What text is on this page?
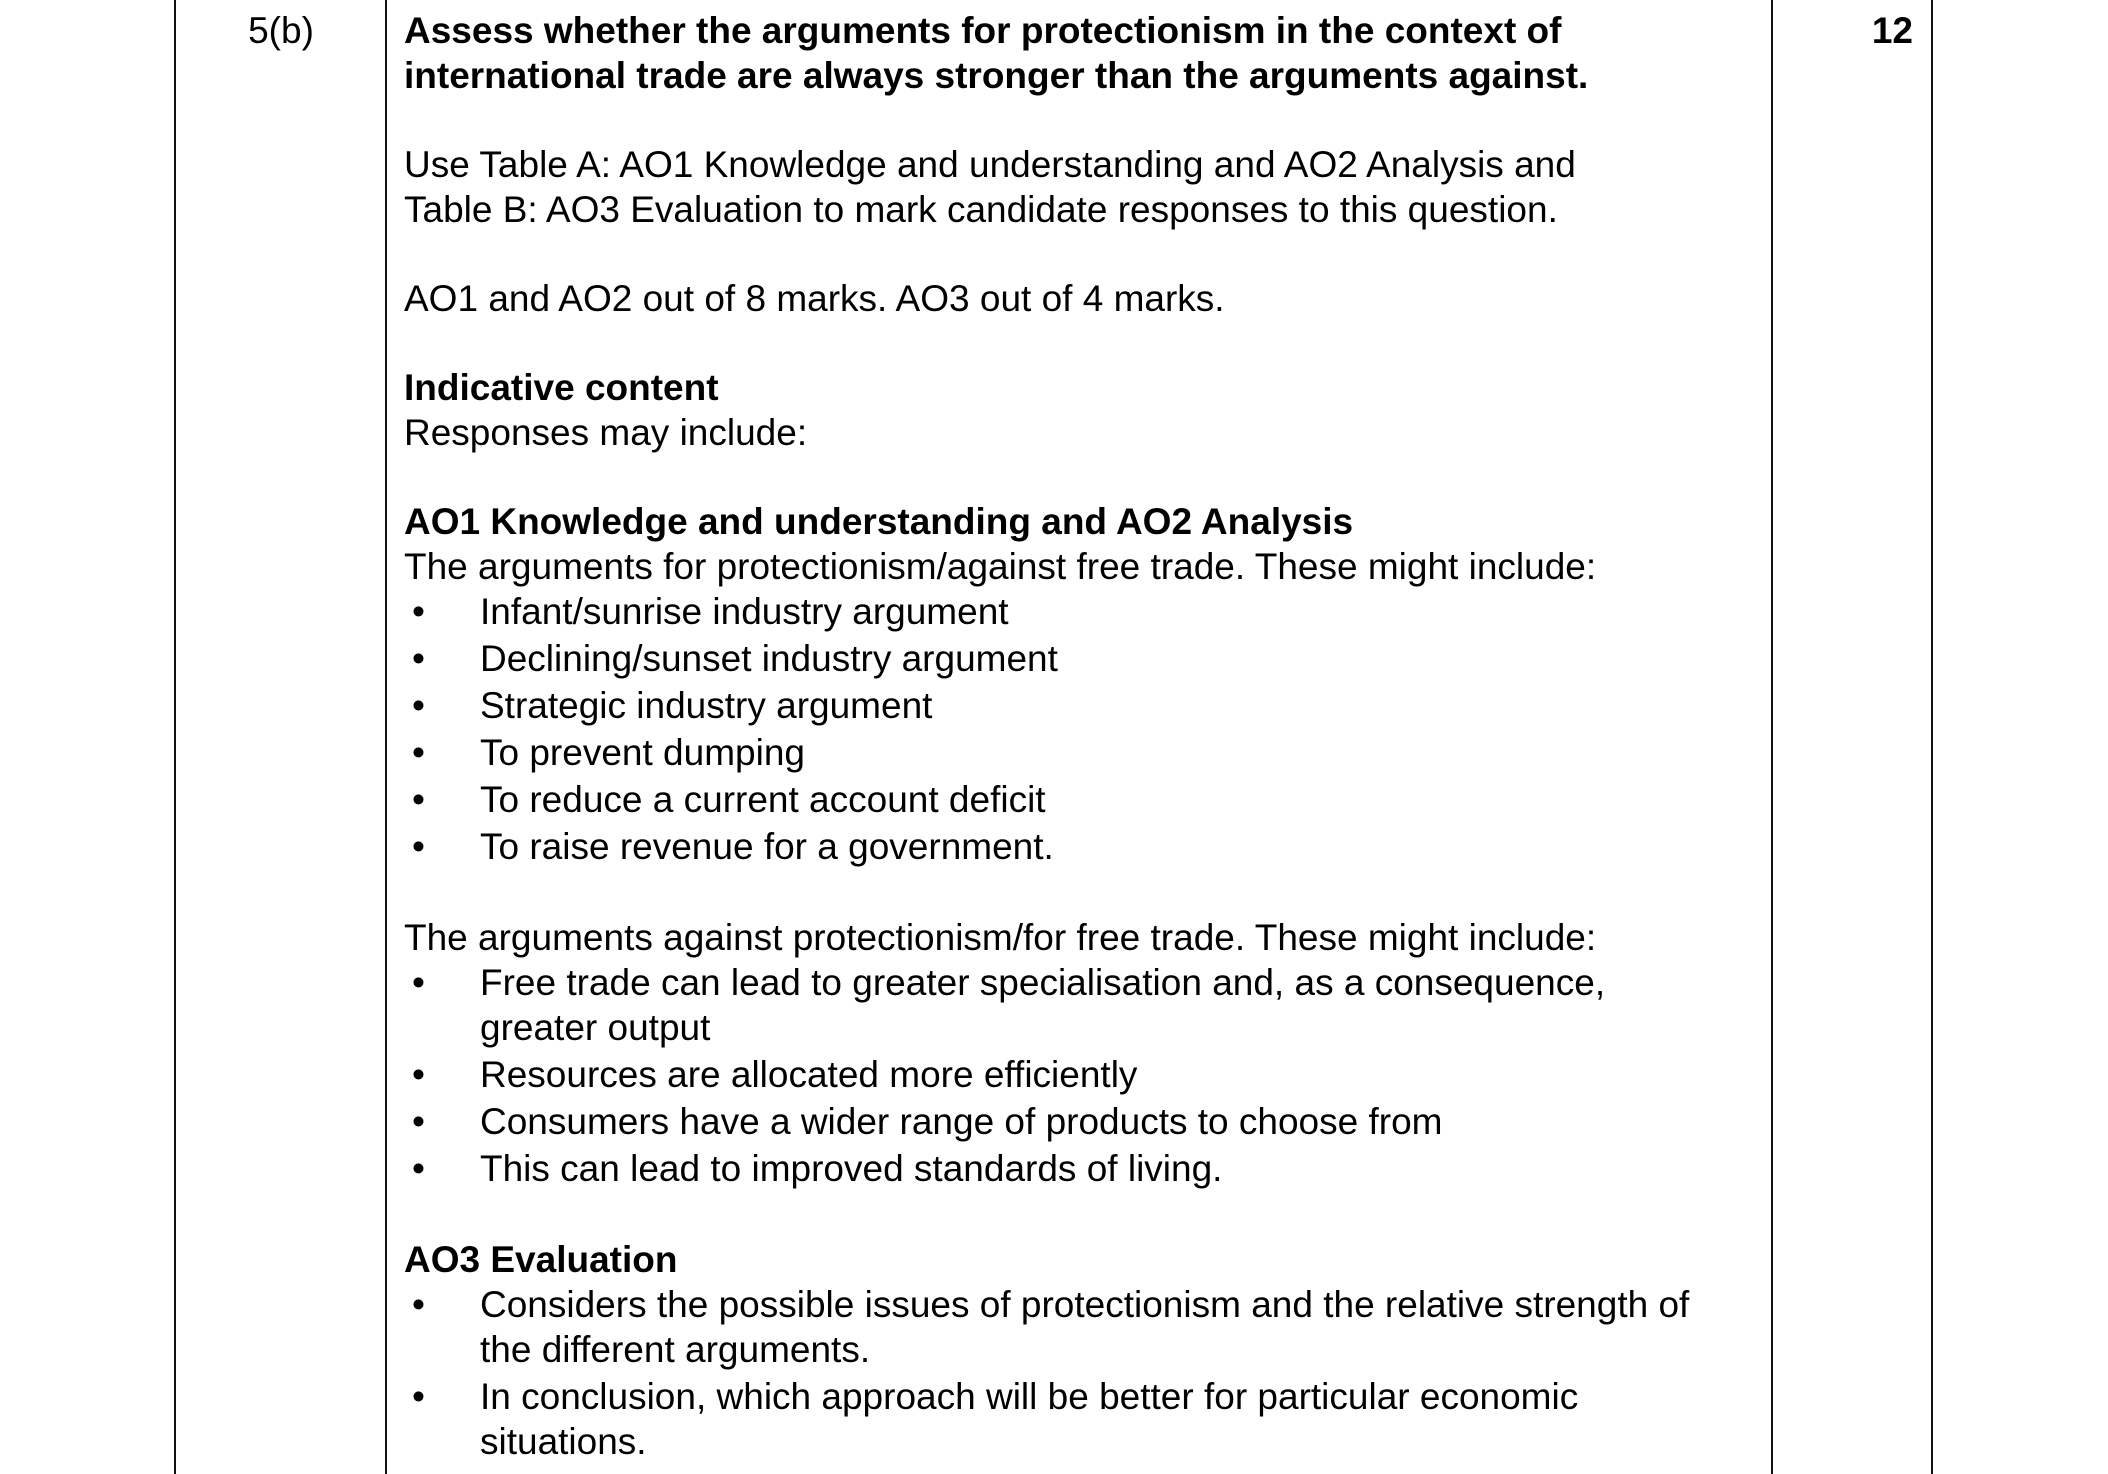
5(b)	12

Assess whether the arguments for protectionism in the context of
international trade are always stronger than the arguments against.

Use Table A: AO1 Knowledge and understanding and AO2 Analysis and
Table B: AO3 Evaluation to mark candidate responses to this question.

AO1 and AO2 out of 8 marks. AO3 out of 4 marks.

Indicative content

Responses may include:

AO1 Knowledge and understanding and AO2 Analysis

The arguments for protectionism/against free trade. These might include:

• Infant/sunrise industry argument
• Declining/sunset industry argument
• Strategic industry argument
• To prevent dumping
• To reduce a current account deficit
• To raise revenue for a government.

The arguments against protectionism/for free trade. These might include:

• Free trade can lead to greater specialisation and, as a consequence, greater output
• Resources are allocated more efficiently
• Consumers have a wider range of products to choose from
• This can lead to improved standards of living.

AO3 Evaluation

• Considers the possible issues of protectionism and the relative strength of the different arguments.
• In conclusion, which approach will be better for particular economic situations.
